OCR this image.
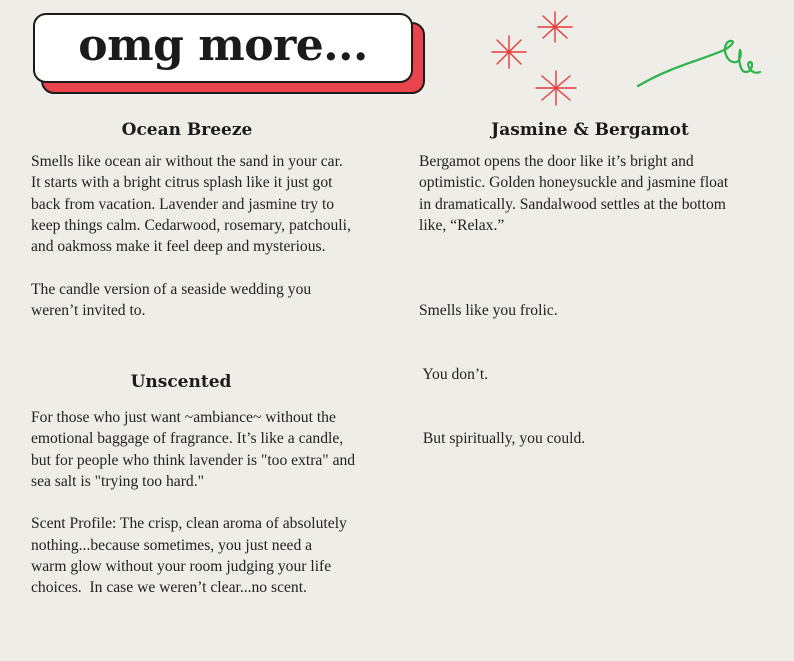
omg more...
Ocean Breeze

Smells like ocean air without the sand in your car.
It starts with a bright citrus splash like it just got
back from vacation. Lavender and jasmine try to
keep things calm. Cedarwood, rosemary, patchouli,
and oakmoss make it feel deep and mysterious.

The candle version of a seaside wedding you
weren’t invited to.

Jasmine & Bergamot

Bergamot opens the door like it’s bright and
optimistic. Golden honeysuckle and jasmine float
in dramatically. Sandalwood settles at the bottom
like, “Relax.”

Smells like you frolic.

You don’t.

But spiritually, you could.

Unscented

For those who just want ~ambiance~ without the
emotional baggage of fragrance. It’s like a candle,
but for people who think lavender is "too extra" and
sea salt is "trying too hard."

Scent Profile: The crisp, clean aroma of absolutely
nothing...because sometimes, you just need a
warm glow without your room judging your life
choices.  In case we weren’t clear...no scent.
